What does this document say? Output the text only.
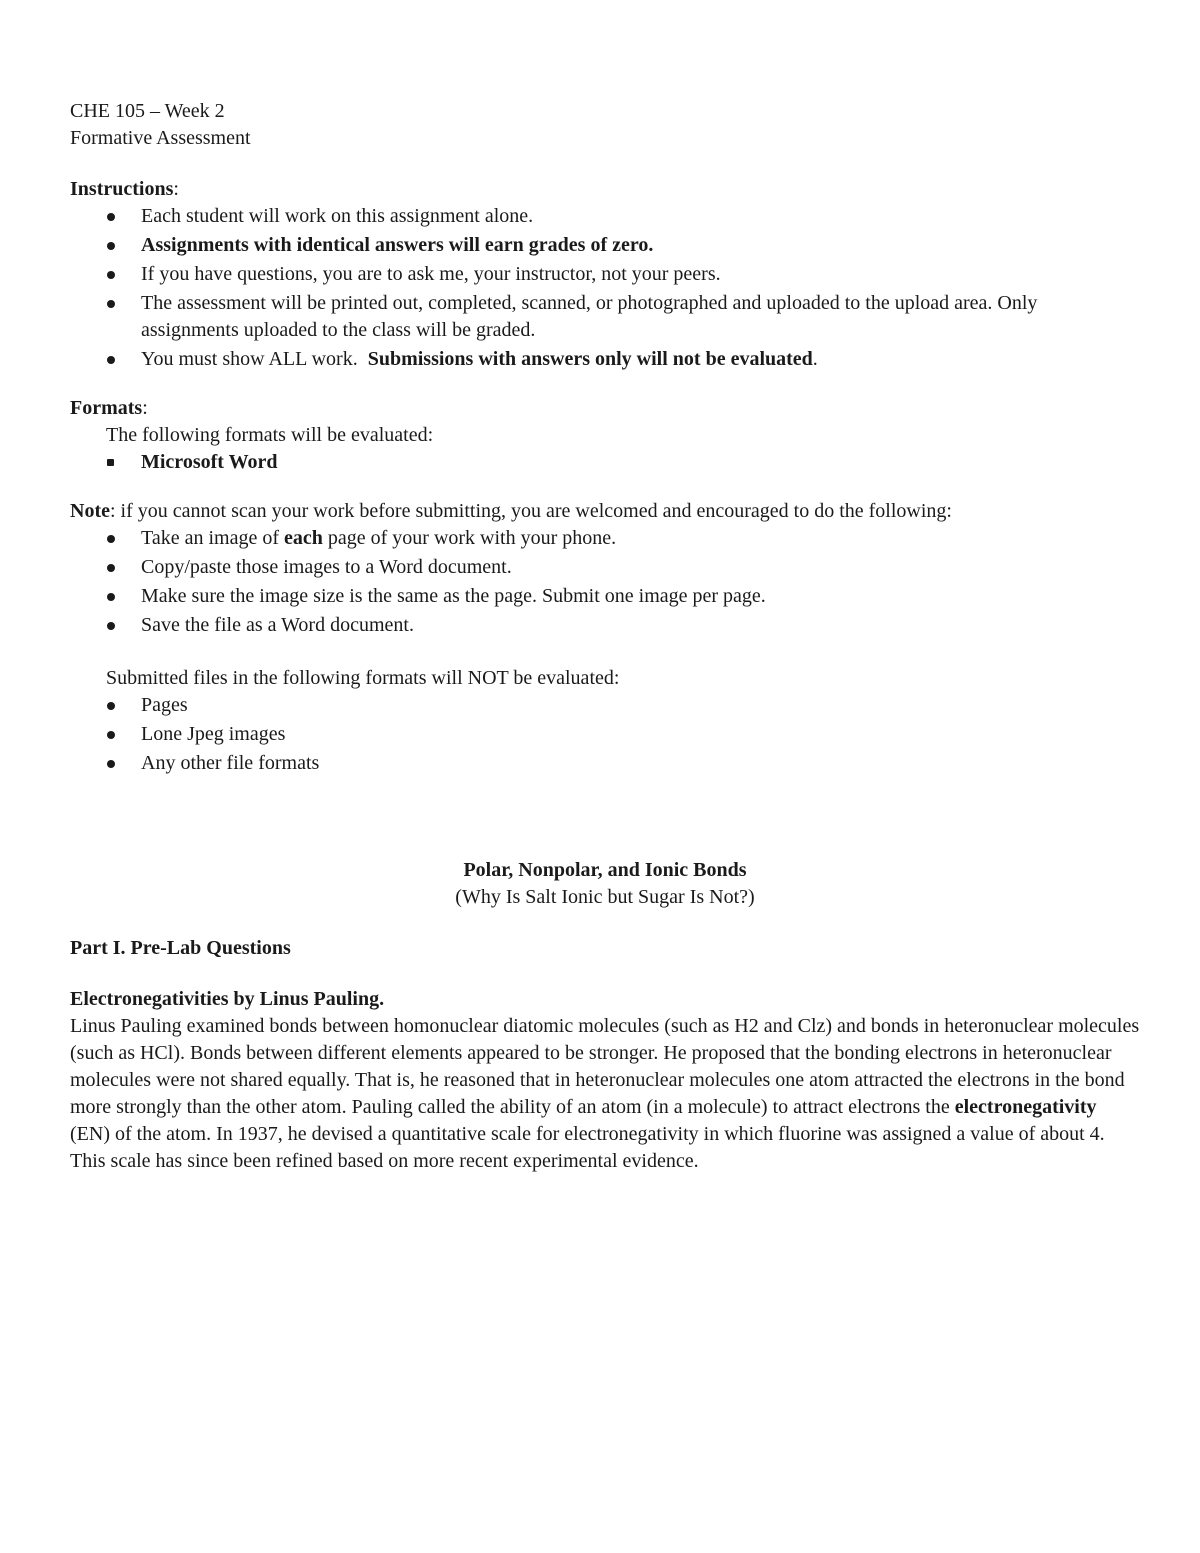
CHE 105 – Week 2

Formative Assessment

Instructions:

Each student will work on this assignment alone.
Assignments with identical answers will earn grades of zero.
If you have questions, you are to ask me, your instructor, not your peers.
The assessment will be printed out, completed, scanned, or photographed and uploaded to the upload area. Only assignments uploaded to the class will be graded.
You must show ALL work.  Submissions with answers only will not be evaluated.

Formats:

The following formats will be evaluated:

Microsoft Word

Note: if you cannot scan your work before submitting, you are welcomed and encouraged to do the following:

Take an image of each page of your work with your phone.
Copy/paste those images to a Word document.
Make sure the image size is the same as the page. Submit one image per page.
Save the file as a Word document.

Submitted files in the following formats will NOT be evaluated:

Pages
Lone Jpeg images
Any other file formats

Polar, Nonpolar, and Ionic Bonds

(Why Is Salt Ionic but Sugar Is Not?)

Part I. Pre-Lab Questions

Electronegativities by Linus Pauling.

Linus Pauling examined bonds between homonuclear diatomic molecules (such as H2 and Clz) and bonds in heteronuclear molecules (such as HCl). Bonds between different elements appeared to be stronger. He proposed that the bonding electrons in heteronuclear molecules were not shared equally. That is, he reasoned that in heteronuclear molecules one atom attracted the electrons in the bond more strongly than the other atom. Pauling called the ability of an atom (in a molecule) to attract electrons the electronegativity (EN) of the atom. In 1937, he devised a quantitative scale for electronegativity in which fluorine was assigned a value of about 4. This scale has since been refined based on more recent experimental evidence.
